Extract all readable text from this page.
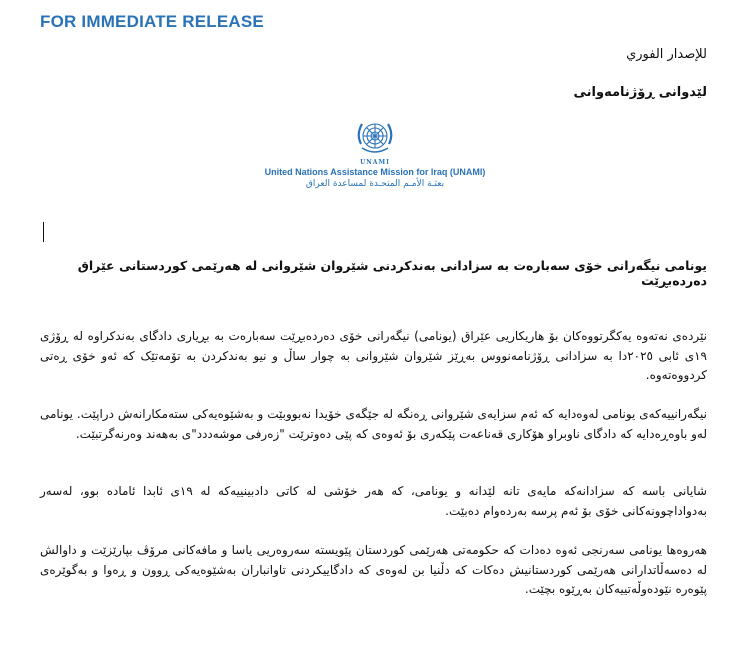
FOR IMMEDIATE RELEASE
للإصدار الفوري
لێدوانی ڕۆژنامەوانی
UNAMI
United Nations Assistance Mission for Iraq (UNAMI)
بعثـة الأمـم المتحـدة لمساعدة العراق
یونامی نیگەرانی خۆی سەبارەت بە سزادانی بەندکردنی شێروان شێروانی لە هەرێمی کوردستانی عێراق دەردەبڕێت
نێردەی نەتەوە یەکگرتووەکان بۆ هاریکاریی عێراق (یونامی) نیگەرانی خۆی دەردەبڕێت سەبارەت بە بڕیاری دادگای بەندکراوە لە ڕۆژی ١٩ی ئابی ٢٠٢٥دا بە سزادانی ڕۆژنامەنووس بەڕێز شێروان شێروانی بە چوار ساڵ و نیو بەندکردن بە تۆمەتێک کە ئەو خۆی ڕەتی کردووەتەوە.
نیگەرانییەکەی یونامی لەوەدایە کە ئەم سزایەی شێروانی ڕەنگە لە جێگەی خۆیدا نەبووبێت و بەشێوەیەکی ستەمکارانەش دراپێت. یونامی لەو باوەڕەدایە کە دادگای ناوبراو هۆکاری قەناعەت پێکەری بۆ ئەوەی کە پێی دەوترێت "زەرفی موشەددد"ی بەهەند وەرنەگرتبێت.
شایانی باسە کە سزادانەکە مایەی تانە لێدانە و یونامی، کە هەر خۆشی لە کاتی دادبینییەکە لە ١٩ی ئابدا ئامادە بوو، لەسەر بەدواداچوونەکانی خۆی بۆ ئەم پرسە بەردەوام دەبێت.
هەروەها یونامی سەرنجی ئەوە دەدات کە حکومەتی هەرێمی کوردستان پێویستە سەروەریی یاسا و مافەکانی مرۆڤ بپارێزێت و داوالش لە دەسەڵاتدارانی هەرێمی کوردستانیش دەکات کە دڵنیا بن لەوەی کە دادگاییکردنی تاوانباران بەشێوەیەکی ڕوون و ڕەوا و بەگوێرەی پێوەرە نێودەوڵەتییەکان بەڕێوە بچێت.
